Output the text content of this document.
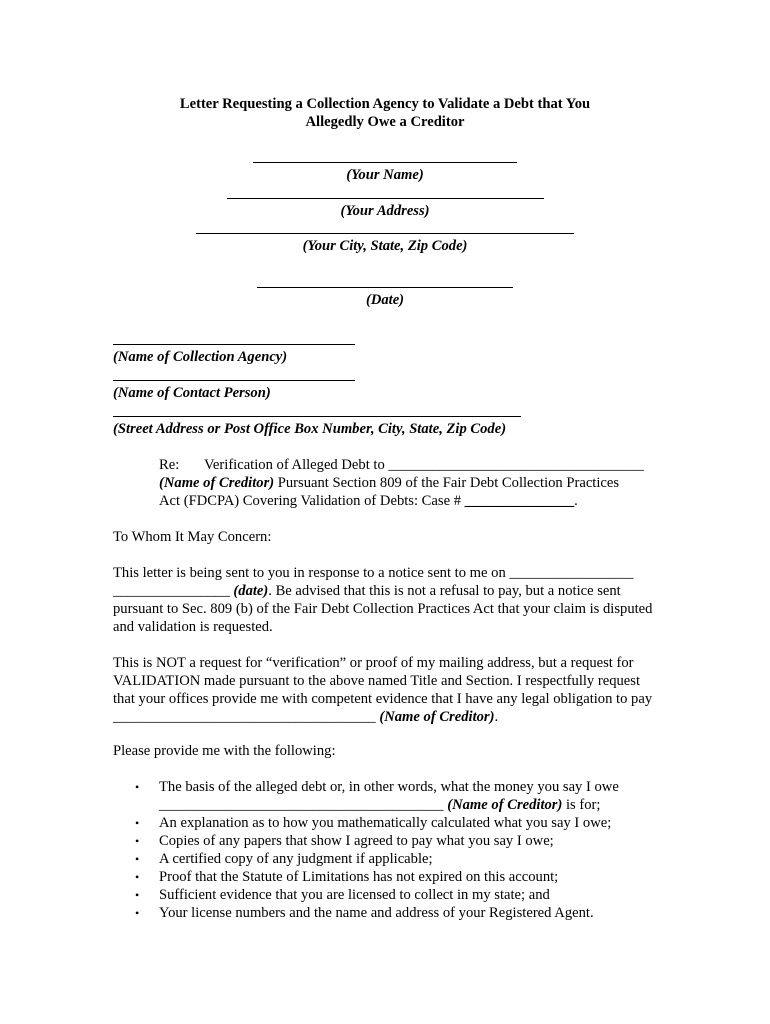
Letter Requesting a Collection Agency to Validate a Debt that You
Allegedly Owe a Creditor
(Your Name)
(Your Address)
(Your City, State, Zip Code)
(Date)
(Name of Collection Agency)
(Name of Contact Person)
(Street Address or Post Office Box Number, City, State, Zip Code)
Re: Verification of Alleged Debt to ___________________________________
(Name of Creditor) Pursuant Section 809 of the Fair Debt Collection Practices
Act (FDCPA) Covering Validation of Debts: Case # _______________.
To Whom It May Concern:
This letter is being sent to you in response to a notice sent to me on _________________
________________ (date). Be advised that this is not a refusal to pay, but a notice sent pursuant to Sec. 809 (b) of the Fair Debt Collection Practices Act that your claim is disputed and validation is requested.
This is NOT a request for “verification” or proof of my mailing address, but a request for VALIDATION made pursuant to the above named Title and Section. I respectfully request that your offices provide me with competent evidence that I have any legal obligation to pay ____________________________________ (Name of Creditor).
Please provide me with the following:
• The basis of the alleged debt or, in other words, what the money you say I owe
_______________________________________ (Name of Creditor) is for;
• An explanation as to how you mathematically calculated what you say I owe;
• Copies of any papers that show I agreed to pay what you say I owe;
• A certified copy of any judgment if applicable;
• Proof that the Statute of Limitations has not expired on this account;
• Sufficient evidence that you are licensed to collect in my state; and
• Your license numbers and the name and address of your Registered Agent.
